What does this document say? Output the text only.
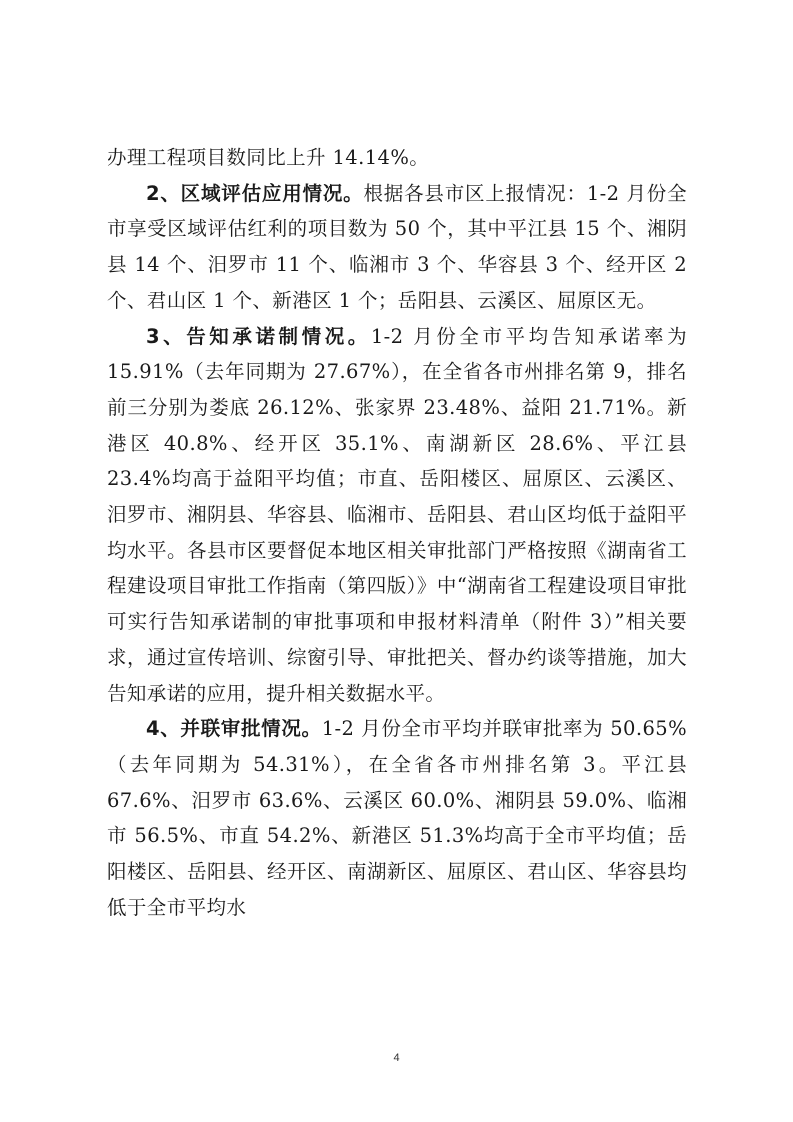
办理工程项目数同比上升 14.14%。

2、区域评估应用情况。根据各县市区上报情况：1-2 月份全市享受区域评估红利的项目数为 50 个，其中平江县 15 个、湘阴县 14 个、汨罗市 11 个、临湘市 3 个、华容县 3 个、经开区 2 个、君山区 1 个、新港区 1 个；岳阳县、云溪区、屈原区无。

3、告知承诺制情况。1-2 月份全市平均告知承诺率为 15.91%（去年同期为 27.67%），在全省各市州排名第 9，排名前三分别为娄底 26.12%、张家界 23.48%、益阳 21.71%。新港区 40.8%、经开区 35.1%、南湖新区 28.6%、平江县 23.4%均高于益阳平均值；市直、岳阳楼区、屈原区、云溪区、汨罗市、湘阴县、华容县、临湘市、岳阳县、君山区均低于益阳平均水平。各县市区要督促本地区相关审批部门严格按照《湖南省工程建设项目审批工作指南（第四版）》中“湖南省工程建设项目审批可实行告知承诺制的审批事项和申报材料清单（附件 3）”相关要求，通过宣传培训、综窗引导、审批把关、督办约谈等措施，加大告知承诺的应用，提升相关数据水平。

4、并联审批情况。1-2 月份全市平均并联审批率为 50.65%（去年同期为 54.31%），在全省各市州排名第 3。平江县 67.6%、汨罗市 63.6%、云溪区 60.0%、湘阴县 59.0%、临湘市 56.5%、市直 54.2%、新港区 51.3%均高于全市平均值；岳阳楼区、岳阳县、经开区、南湖新区、屈原区、君山区、华容县均低于全市平均水

4
